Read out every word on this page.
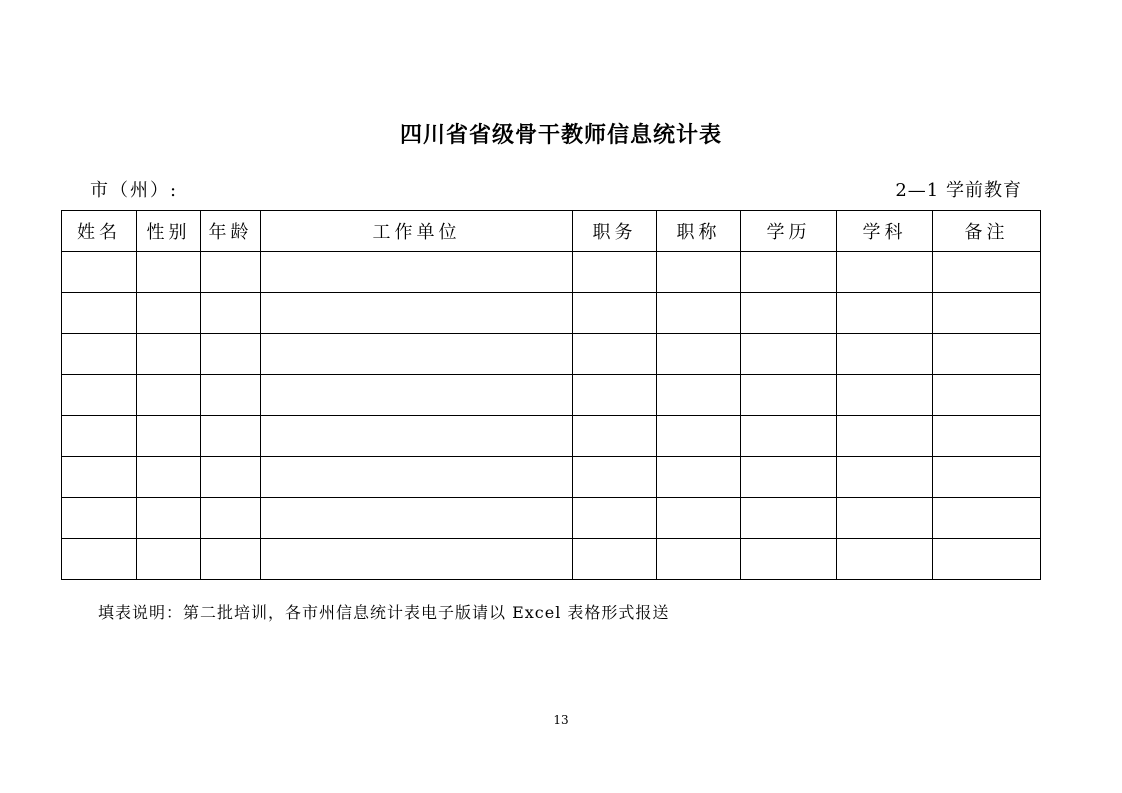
四川省省级骨干教师信息统计表
市（州）:	2—1 学前教育
姓名	性别	年龄	工作单位	职务	职称	学历	学科	备注

填表说明：第二批培训，各市州信息统计表电子版请以 Excel 表格形式报送
13
